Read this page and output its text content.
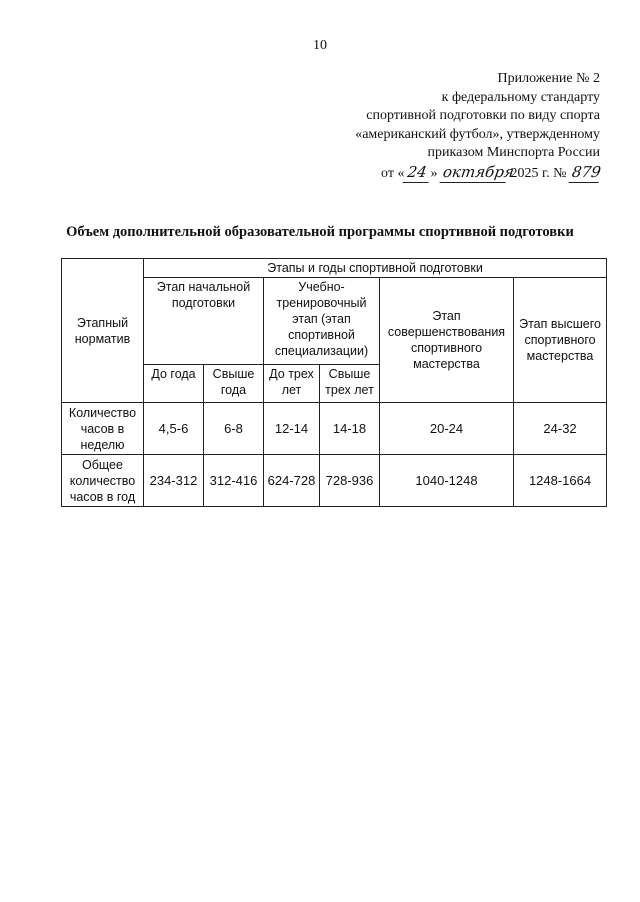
10
Приложение № 2
к федеральному стандарту
спортивной подготовки по виду спорта
«американский футбол», утвержденному
приказом Минспорта России
от « 24 » октября 2025 г. № 879
Объем дополнительной образовательной программы спортивной подготовки
Этапный норматив	Этапы и годы спортивной подготовки					
	Этап начальной подготовки		Учебно-тренировочный этап (этап спортивной специализации)		Этап совершенствования спортивного мастерства	Этап высшего спортивного мастерства
	До года	Свыше года	До трех лет	Свыше трех лет		
Количество часов в неделю	4,5-6	6-8	12-14	14-18	20-24	24-32
Общее количество часов в год	234-312	312-416	624-728	728-936	1040-1248	1248-1664
